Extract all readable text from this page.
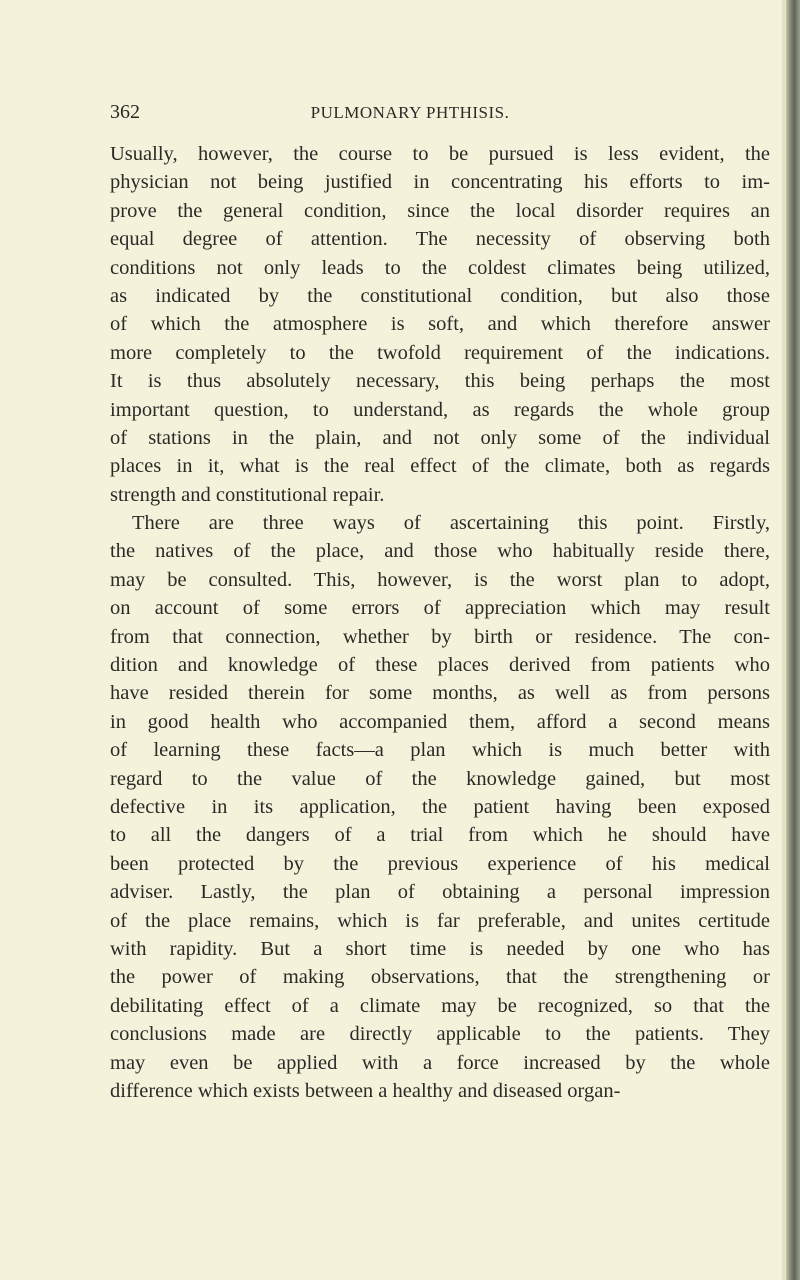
362	PULMONARY PHTHISIS.
Usually, however, the course to be pursued is less evident, the
physician not being justified in concentrating his efforts to im-
prove the general condition, since the local disorder requires an
equal degree of attention. The necessity of observing both
conditions not only leads to the coldest climates being utilized,
as indicated by the constitutional condition, but also those
of which the atmosphere is soft, and which therefore answer
more completely to the twofold requirement of the indications.
It is thus absolutely necessary, this being perhaps the most
important question, to understand, as regards the whole group
of stations in the plain, and not only some of the individual
places in it, what is the real effect of the climate, both as regards
strength and constitutional repair.
There are three ways of ascertaining this point. Firstly,
the natives of the place, and those who habitually reside there,
may be consulted. This, however, is the worst plan to adopt,
on account of some errors of appreciation which may result
from that connection, whether by birth or residence. The con-
dition and knowledge of these places derived from patients who
have resided therein for some months, as well as from persons
in good health who accompanied them, afford a second means
of learning these facts—a plan which is much better with
regard to the value of the knowledge gained, but most
defective in its application, the patient having been exposed
to all the dangers of a trial from which he should have
been protected by the previous experience of his medical
adviser. Lastly, the plan of obtaining a personal impression
of the place remains, which is far preferable, and unites certitude
with rapidity. But a short time is needed by one who has
the power of making observations, that the strengthening or
debilitating effect of a climate may be recognized, so that the
conclusions made are directly applicable to the patients. They
may even be applied with a force increased by the whole
difference which exists between a healthy and diseased organ-
